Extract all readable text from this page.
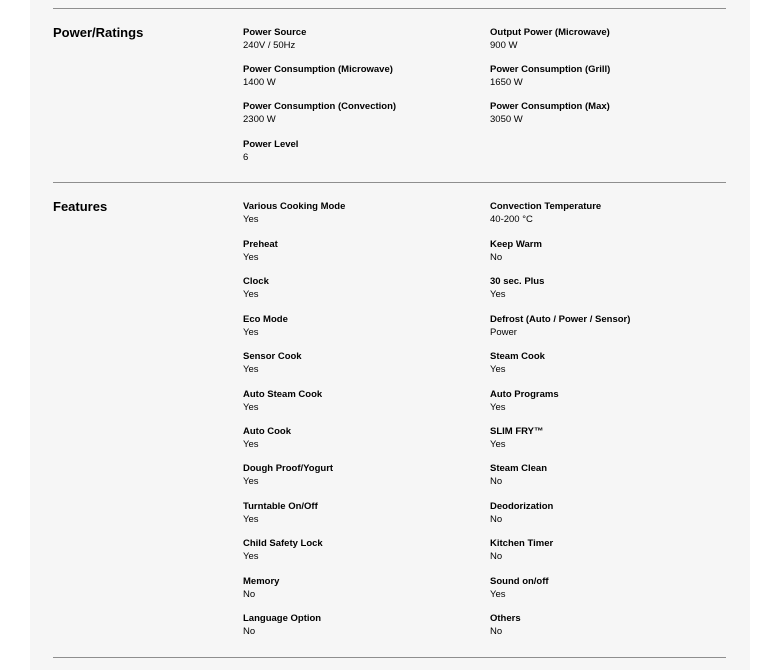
Power/Ratings	Power Source
240V / 50Hz
Output Power (Microwave)
900 W
Power Consumption (Microwave)
1400 W
Power Consumption (Grill)
1650 W
Power Consumption (Convection)
2300 W
Power Consumption (Max)
3050 W
Power Level
6
Features	Various Cooking Mode
Yes
Convection Temperature
40-200 °C
Preheat
Yes
Keep Warm
No
Clock
Yes
30 sec. Plus
Yes
Eco Mode
Yes
Defrost (Auto / Power / Sensor)
Power
Sensor Cook
Yes
Steam Cook
Yes
Auto Steam Cook
Yes
Auto Programs
Yes
Auto Cook
Yes
SLIM FRY™
Yes
Dough Proof/Yogurt
Yes
Steam Clean
No
Turntable On/Off
Yes
Deodorization
No
Child Safety Lock
Yes
Kitchen Timer
No
Memory
No
Sound on/off
Yes
Language Option
No
Others
No
